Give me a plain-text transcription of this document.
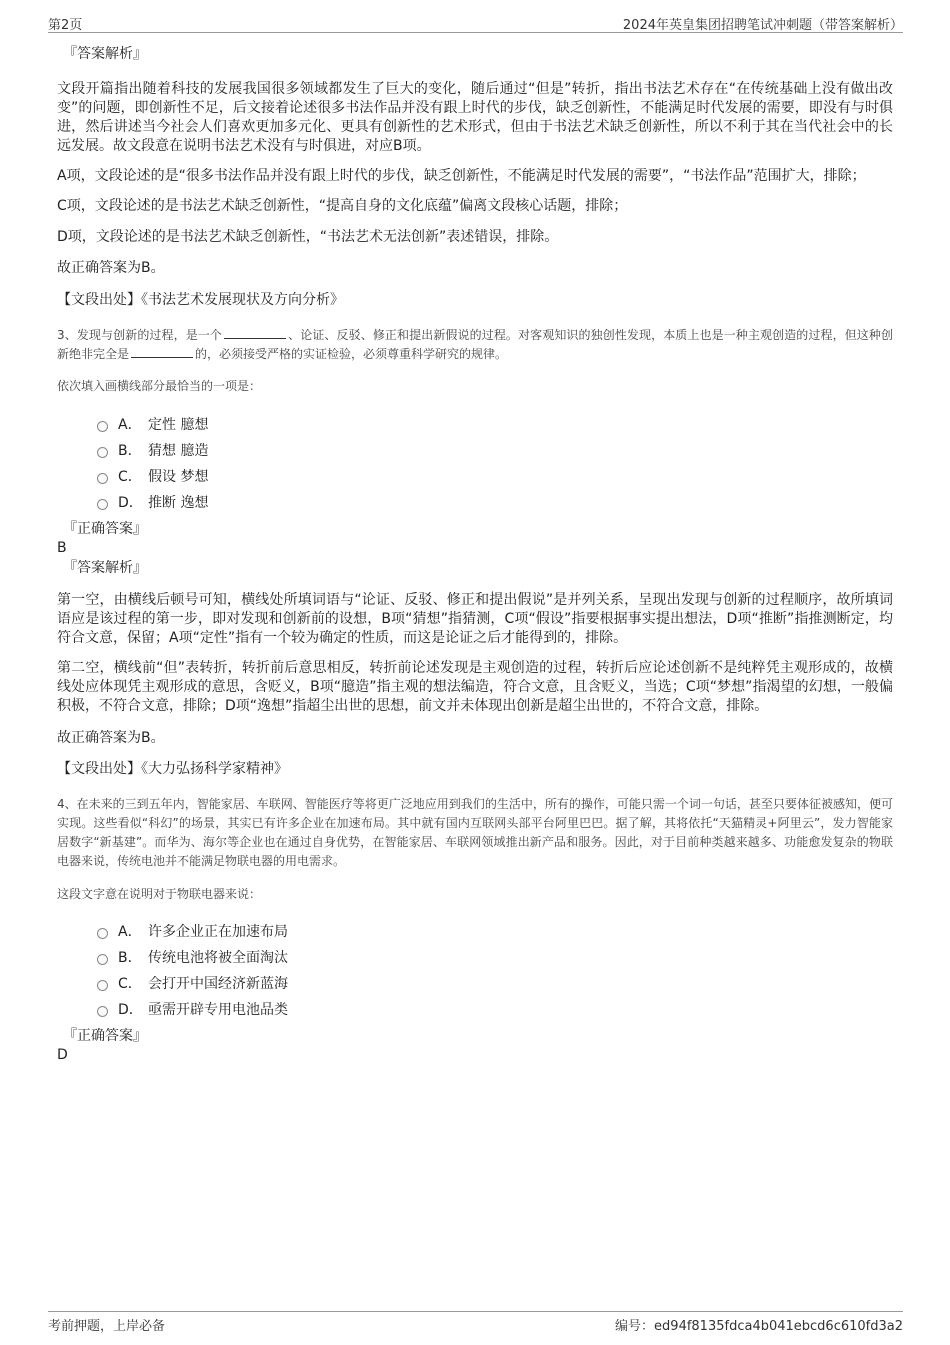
第2页	2024年英皇集团招聘笔试冲刺题（带答案解析）
『答案解析』

文段开篇指出随着科技的发展我国很多领域都发生了巨大的变化，随后通过“但是”转折，指出书法艺术存在“在传统基础上没有做出改变”的问题，即创新性不足，后文接着论述很多书法作品并没有跟上时代的步伐，缺乏创新性，不能满足时代发展的需要，即没有与时俱进，然后讲述当今社会人们喜欢更加多元化、更具有创新性的艺术形式，但由于书法艺术缺乏创新性，所以不利于其在当代社会中的长远发展。故文段意在说明书法艺术没有与时俱进，对应B项。

A项，文段论述的是“很多书法作品并没有跟上时代的步伐，缺乏创新性，不能满足时代发展的需要”，“书法作品”范围扩大，排除；

C项，文段论述的是书法艺术缺乏创新性，“提高自身的文化底蕴”偏离文段核心话题，排除；

D项，文段论述的是书法艺术缺乏创新性，“书法艺术无法创新”表述错误，排除。

故正确答案为B。

【文段出处】《书法艺术发展现状及方向分析》

3、发现与创新的过程，是一个	、论证、反驳、修正和提出新假说的过程。对客观知识的独创性发现，本质上也是一种主观创造的过程，但这种创新绝非完全是	的，必须接受严格的实证检验，必须尊重科学研究的规律。

依次填入画横线部分最恰当的一项是：
A． 定性 臆想
B． 猜想 臆造
C． 假设 梦想
D． 推断 逸想
『正确答案』
B
『答案解析』

第一空，由横线后顿号可知，横线处所填词语与“论证、反驳、修正和提出假说”是并列关系，呈现出发现与创新的过程顺序，故所填词语应是该过程的第一步，即对发现和创新前的设想，B项“猜想”指猜测，C项“假设”指要根据事实提出想法，D项“推断”指推测断定，均符合文意，保留；A项“定性”指有一个较为确定的性质，而这是论证之后才能得到的，排除。

第二空，横线前“但”表转折，转折前后意思相反，转折前论述发现是主观创造的过程，转折后应论述创新不是纯粹凭主观形成的，故横线处应体现凭主观形成的意思，含贬义，B项“臆造”指主观的想法编造，符合文意，且含贬义，当选；C项“梦想”指渴望的幻想，一般偏积极，不符合文意，排除；D项“逸想”指超尘出世的思想，前文并未体现出创新是超尘出世的，不符合文意，排除。

故正确答案为B。

【文段出处】《大力弘扬科学家精神》

4、在未来的三到五年内，智能家居、车联网、智能医疗等将更广泛地应用到我们的生活中，所有的操作，可能只需一个词一句话，甚至只要体征被感知，便可实现。这些看似“科幻”的场景，其实已有许多企业在加速布局。其中就有国内互联网头部平台阿里巴巴。据了解，其将依托“天猫精灵+阿里云”，发力智能家居数字“新基建”。而华为、海尔等企业也在通过自身优势，在智能家居、车联网领域推出新产品和服务。因此，对于目前种类越来越多、功能愈发复杂的物联电器来说，传统电池并不能满足物联电器的用电需求。

这段文字意在说明对于物联电器来说：
A． 许多企业正在加速布局
B． 传统电池将被全面淘汰
C． 会打开中国经济新蓝海
D． 亟需开辟专用电池品类
『正确答案』
D
考前押题，上岸必备	编号：ed94f8135fdca4b041ebcd6c610fd3a2
